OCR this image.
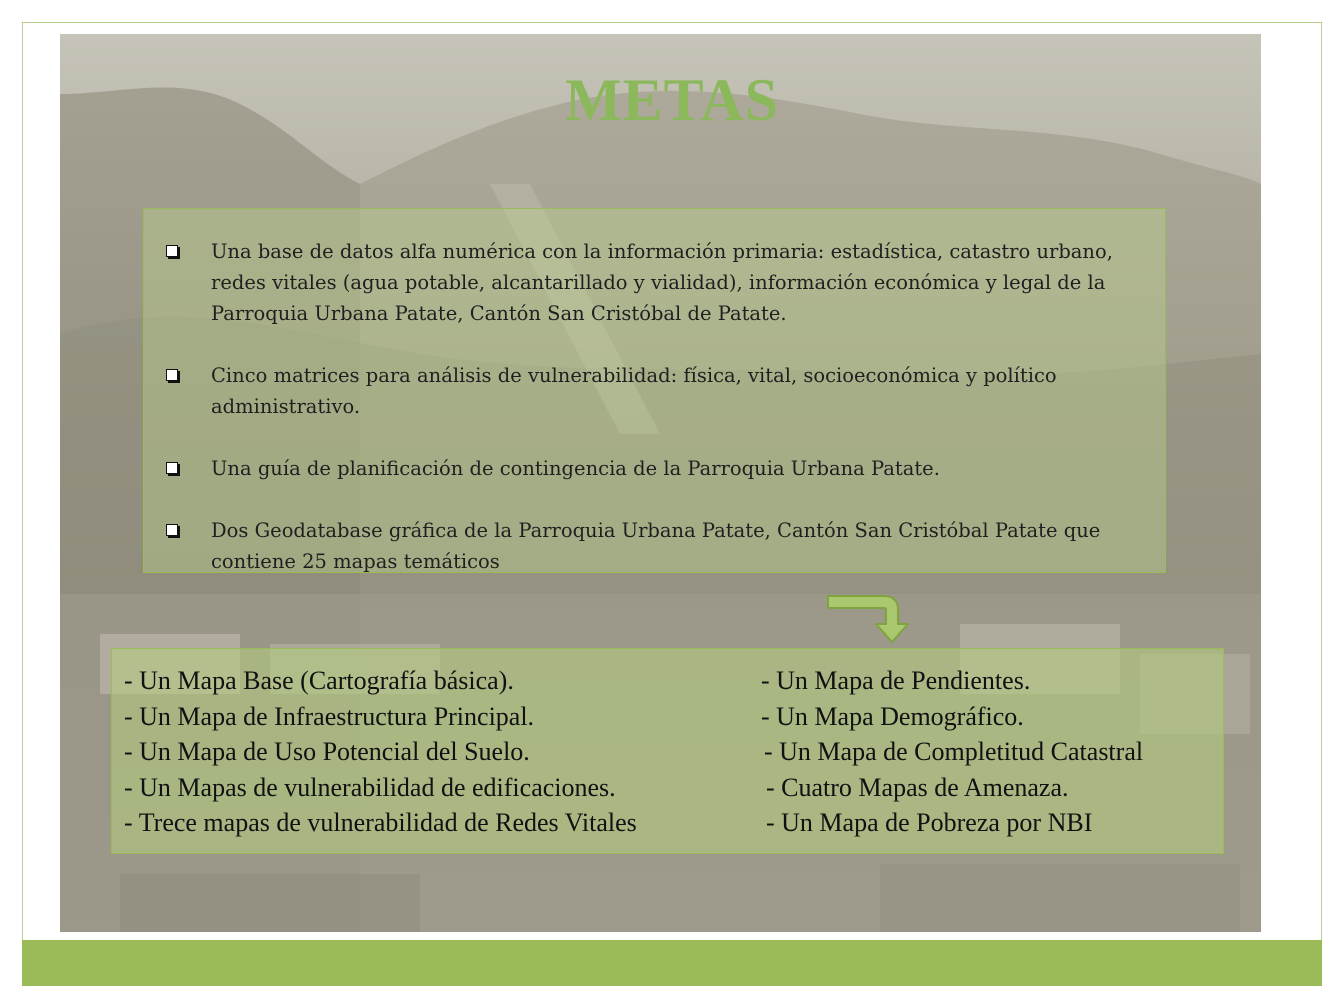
METAS
Una base de datos alfa numérica con la información primaria: estadística, catastro urbano, redes vitales (agua potable, alcantarillado y vialidad), información económica y legal de la Parroquia Urbana Patate, Cantón San Cristóbal de Patate.
Cinco matrices para análisis de vulnerabilidad: física, vital, socioeconómica y político administrativo.
Una guía de planificación de contingencia de la Parroquia Urbana Patate.
Dos Geodatabase gráfica de la Parroquia Urbana Patate, Cantón San Cristóbal Patate que contiene 25 mapas temáticos
- Un Mapa Base (Cartografía básica).	- Un Mapa de Pendientes.
- Un Mapa de Infraestructura Principal.	- Un Mapa Demográfico.
- Un Mapa de Uso Potencial del Suelo.	- Un Mapa de Completitud Catastral
- Un Mapas de vulnerabilidad de edificaciones.	- Cuatro Mapas de Amenaza.
- Trece mapas de vulnerabilidad de Redes Vitales	- Un Mapa de Pobreza por NBI
